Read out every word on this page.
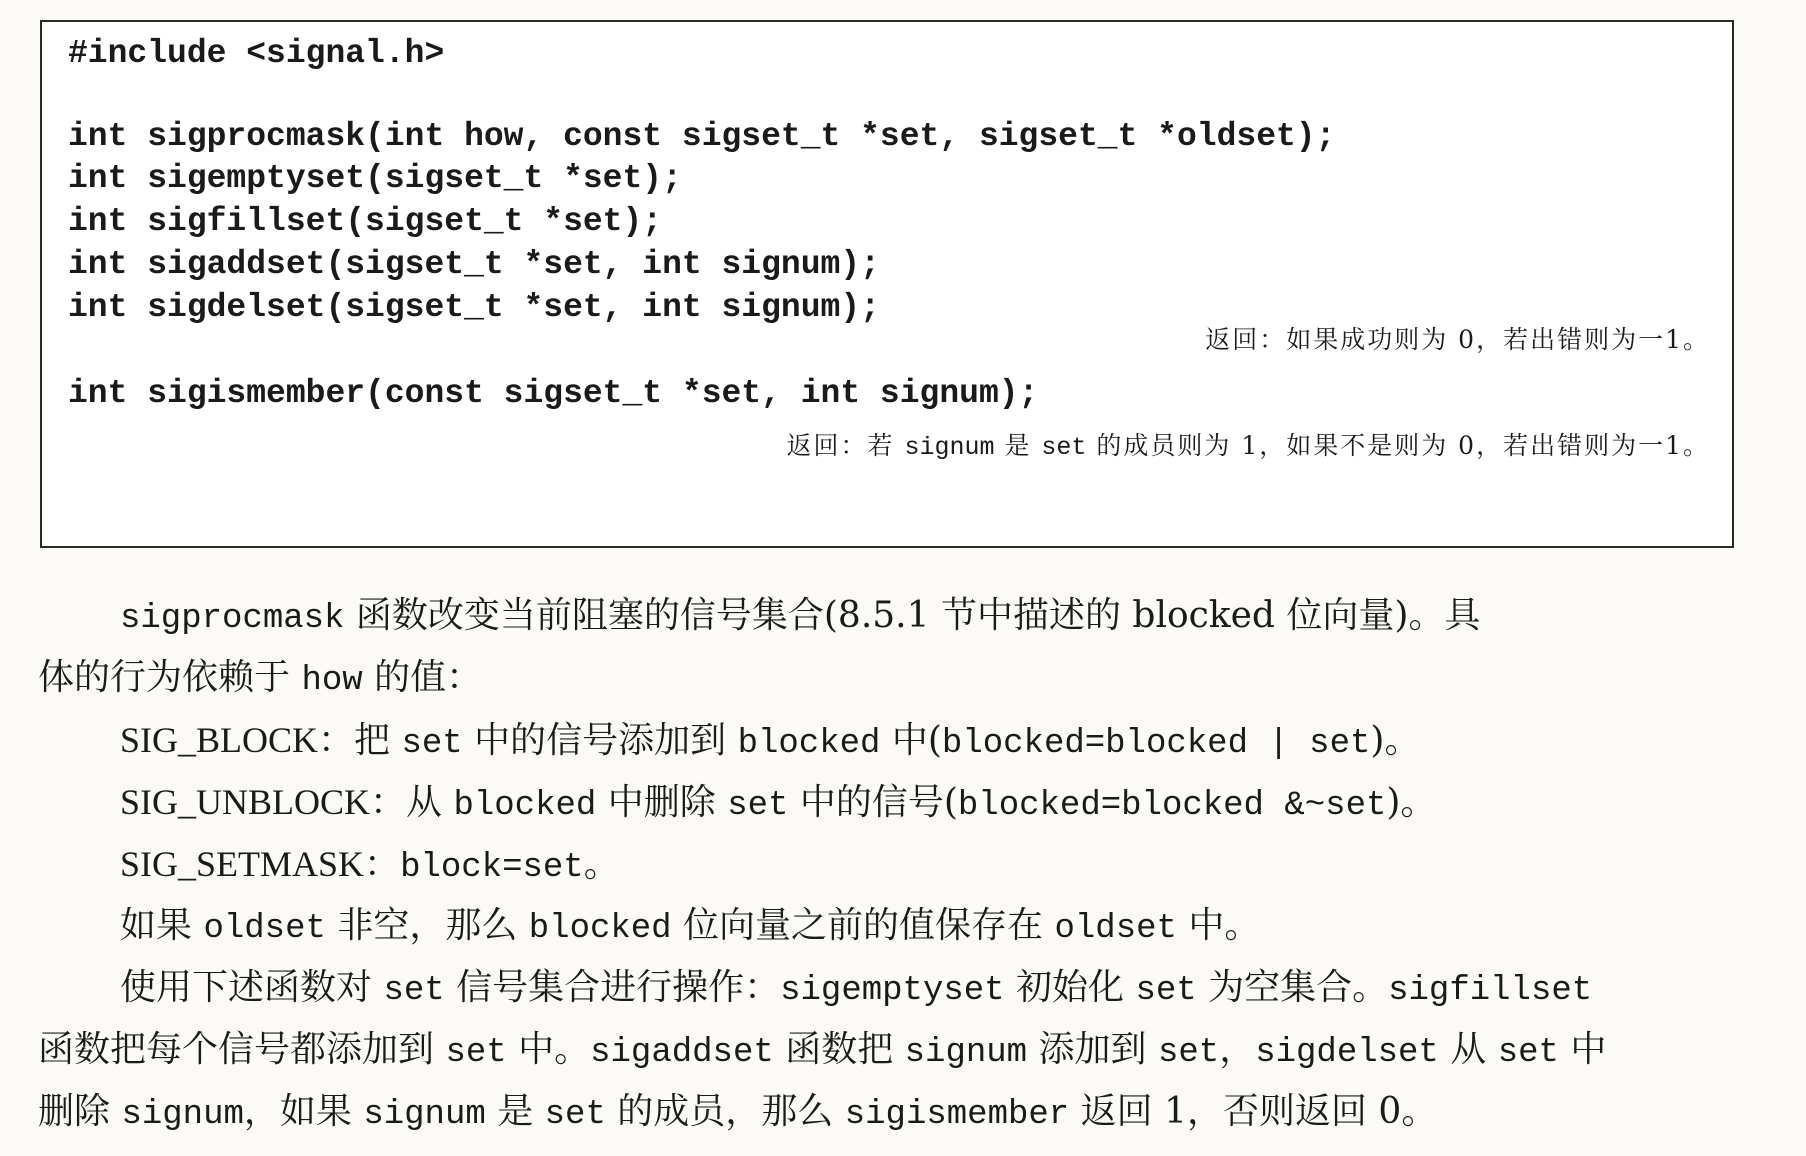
#include <signal.h>
int sigprocmask(int how, const sigset_t *set, sigset_t *oldset);
int sigemptyset(sigset_t *set);
int sigfillset(sigset_t *set);
int sigaddset(sigset_t *set, int signum);
int sigdelset(sigset_t *set, int signum);
返回：如果成功则为 0，若出错则为一1。
int sigismember(const sigset_t *set, int signum);
返回：若 signum 是 set 的成员则为 1，如果不是则为 0，若出错则为一1。
sigprocmask 函数改变当前阻塞的信号集合(8.5.1 节中描述的 blocked 位向量)。具
体的行为依赖于 how 的值：
SIG_BLOCK：把 set 中的信号添加到 blocked 中(blocked=blocked | set)。
SIG_UNBLOCK：从 blocked 中删除 set 中的信号(blocked=blocked &~set)。
SIG_SETMASK：block=set。
如果 oldset 非空，那么 blocked 位向量之前的值保存在 oldset 中。
使用下述函数对 set 信号集合进行操作：sigemptyset 初始化 set 为空集合。sigfillset
函数把每个信号都添加到 set 中。sigaddset 函数把 signum 添加到 set，sigdelset 从 set 中
删除 signum，如果 signum 是 set 的成员，那么 sigismember 返回 1，否则返回 0。
